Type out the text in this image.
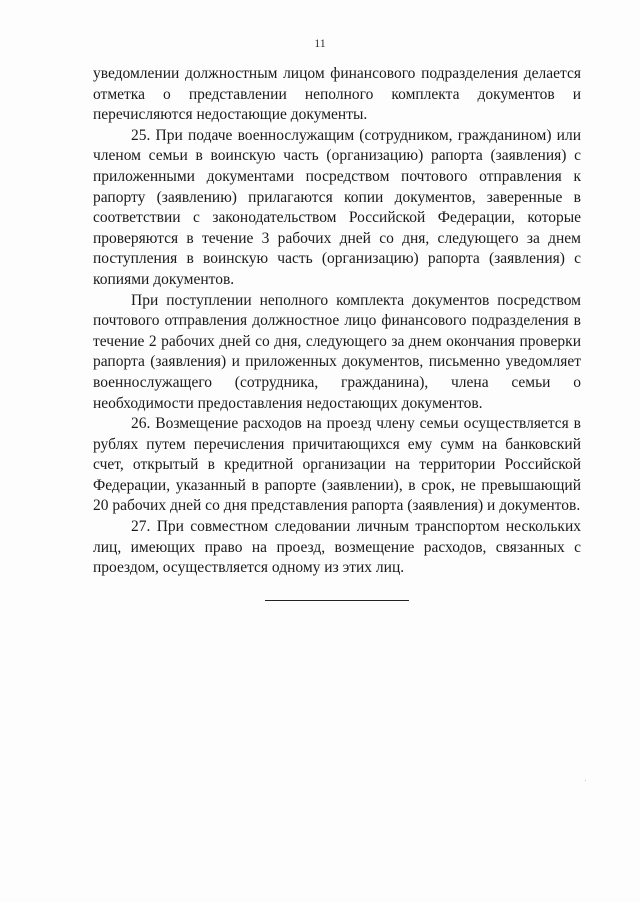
11

уведомлении должностным лицом финансового подразделения делается отметка о представлении неполного комплекта документов и перечисляются недостающие документы.

25. При подаче военнослужащим (сотрудником, гражданином) или членом семьи в воинскую часть (организацию) рапорта (заявления) с приложенными документами посредством почтового отправления к рапорту (заявлению) прилагаются копии документов, заверенные в соответствии с законодательством Российской Федерации, которые проверяются в течение 3 рабочих дней со дня, следующего за днем поступления в воинскую часть (организацию) рапорта (заявления) с копиями документов.

При поступлении неполного комплекта документов посредством почтового отправления должностное лицо финансового подразделения в течение 2 рабочих дней со дня, следующего за днем окончания проверки рапорта (заявления) и приложенных документов, письменно уведомляет военнослужащего (сотрудника, гражданина), члена семьи о необходимости предоставления недостающих документов.

26. Возмещение расходов на проезд члену семьи осуществляется в рублях путем перечисления причитающихся ему сумм на банковский счет, открытый в кредитной организации на территории Российской Федерации, указанный в рапорте (заявлении), в срок, не превышающий 20 рабочих дней со дня представления рапорта (заявления) и документов.

27. При совместном следовании личным транспортом нескольких лиц, имеющих право на проезд, возмещение расходов, связанных с проездом, осуществляется одному из этих лиц.
